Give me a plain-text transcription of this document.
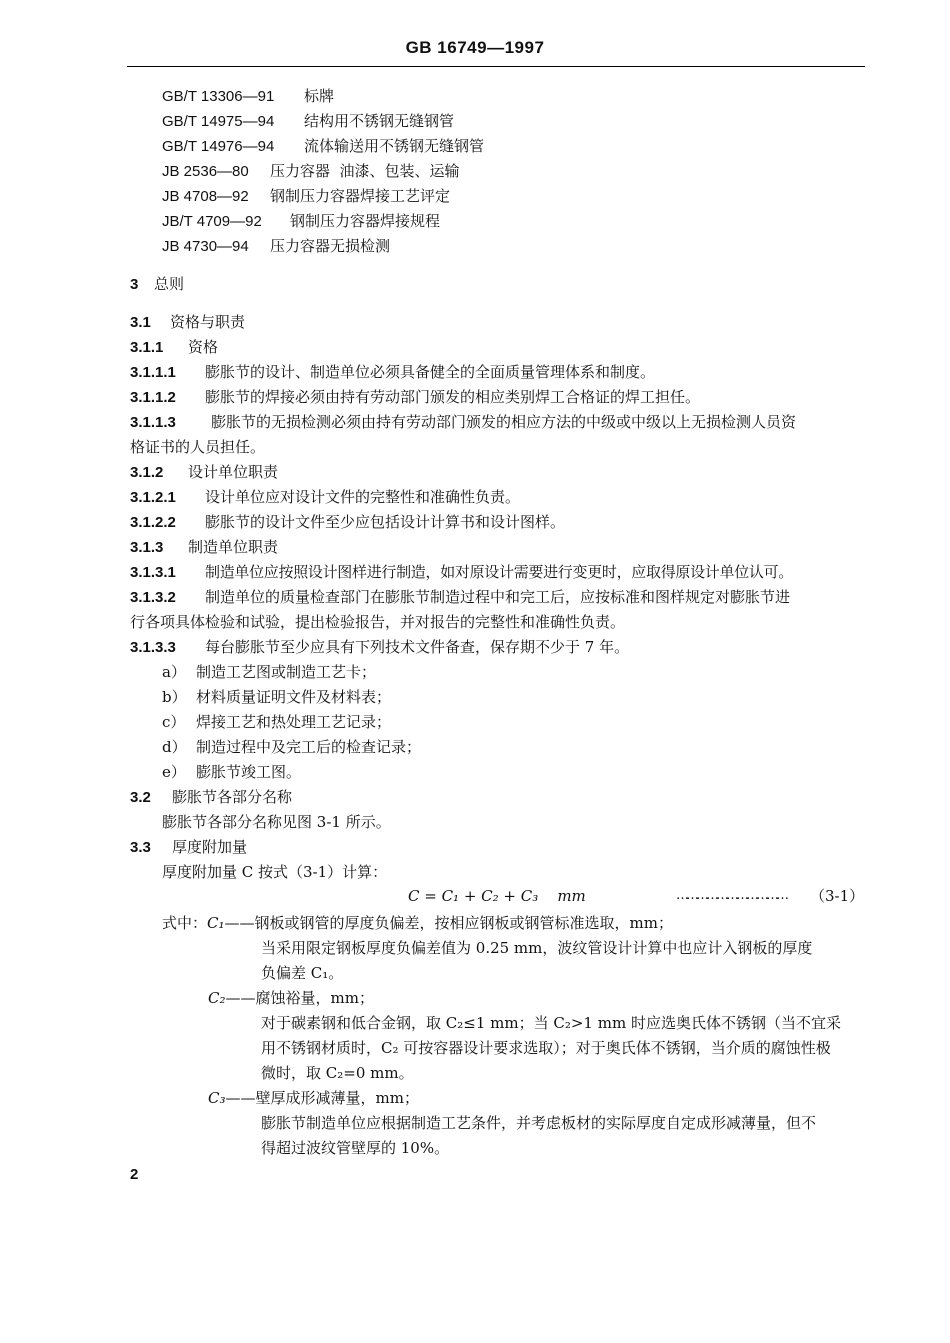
GB 16749—1997
GB/T 13306—91 标牌
GB/T 14975—94 结构用不锈钢无缝钢管
GB/T 14976—94 流体输送用不锈钢无缝钢管
JB 2536—80 压力容器  油漆、包装、运输
JB 4708—92 钢制压力容器焊接工艺评定
JB/T 4709—92 钢制压力容器焊接规程
JB 4730—94 压力容器无损检测
3 总则
3.1 资格与职责
3.1.1 资格
3.1.1.1 膨胀节的设计、制造单位必须具备健全的全面质量管理体系和制度。
3.1.1.2 膨胀节的焊接必须由持有劳动部门颁发的相应类别焊工合格证的焊工担任。
3.1.1.3 膨胀节的无损检测必须由持有劳动部门颁发的相应方法的中级或中级以上无损检测人员资
格证书的人员担任。
3.1.2 设计单位职责
3.1.2.1 设计单位应对设计文件的完整性和准确性负责。
3.1.2.2 膨胀节的设计文件至少应包括设计计算书和设计图样。
3.1.3 制造单位职责
3.1.3.1 制造单位应按照设计图样进行制造，如对原设计需要进行变更时，应取得原设计单位认可。
3.1.3.2 制造单位的质量检查部门在膨胀节制造过程中和完工后，应按标准和图样规定对膨胀节进
行各项具体检验和试验，提出检验报告，并对报告的完整性和准确性负责。
3.1.3.3 每台膨胀节至少应具有下列技术文件备查，保存期不少于 7 年。
a） 制造工艺图或制造工艺卡；
b） 材料质量证明文件及材料表；
c） 焊接工艺和热处理工艺记录；
d） 制造过程中及完工后的检查记录；
e） 膨胀节竣工图。
3.2 膨胀节各部分名称
膨胀节各部分名称见图 3-1 所示。
3.3 厚度附加量
厚度附加量 C 按式（3-1）计算：
C = C₁ + C₂ + C₃    mm	…………………………… （3-1）
式中：C₁——钢板或钢管的厚度负偏差，按相应钢板或钢管标准选取，mm；
当采用限定钢板厚度负偏差值为 0.25 mm，波纹管设计计算中也应计入钢板的厚度
负偏差 C₁。
C₂——腐蚀裕量，mm；
对于碳素钢和低合金钢，取 C₂≤1 mm；当 C₂>1 mm 时应选奥氏体不锈钢（当不宜采
用不锈钢材质时，C₂ 可按容器设计要求选取）；对于奥氏体不锈钢，当介质的腐蚀性极
微时，取 C₂=0 mm。
C₃——壁厚成形减薄量，mm；
膨胀节制造单位应根据制造工艺条件，并考虑板材的实际厚度自定成形减薄量，但不
得超过波纹管壁厚的 10%。
2
